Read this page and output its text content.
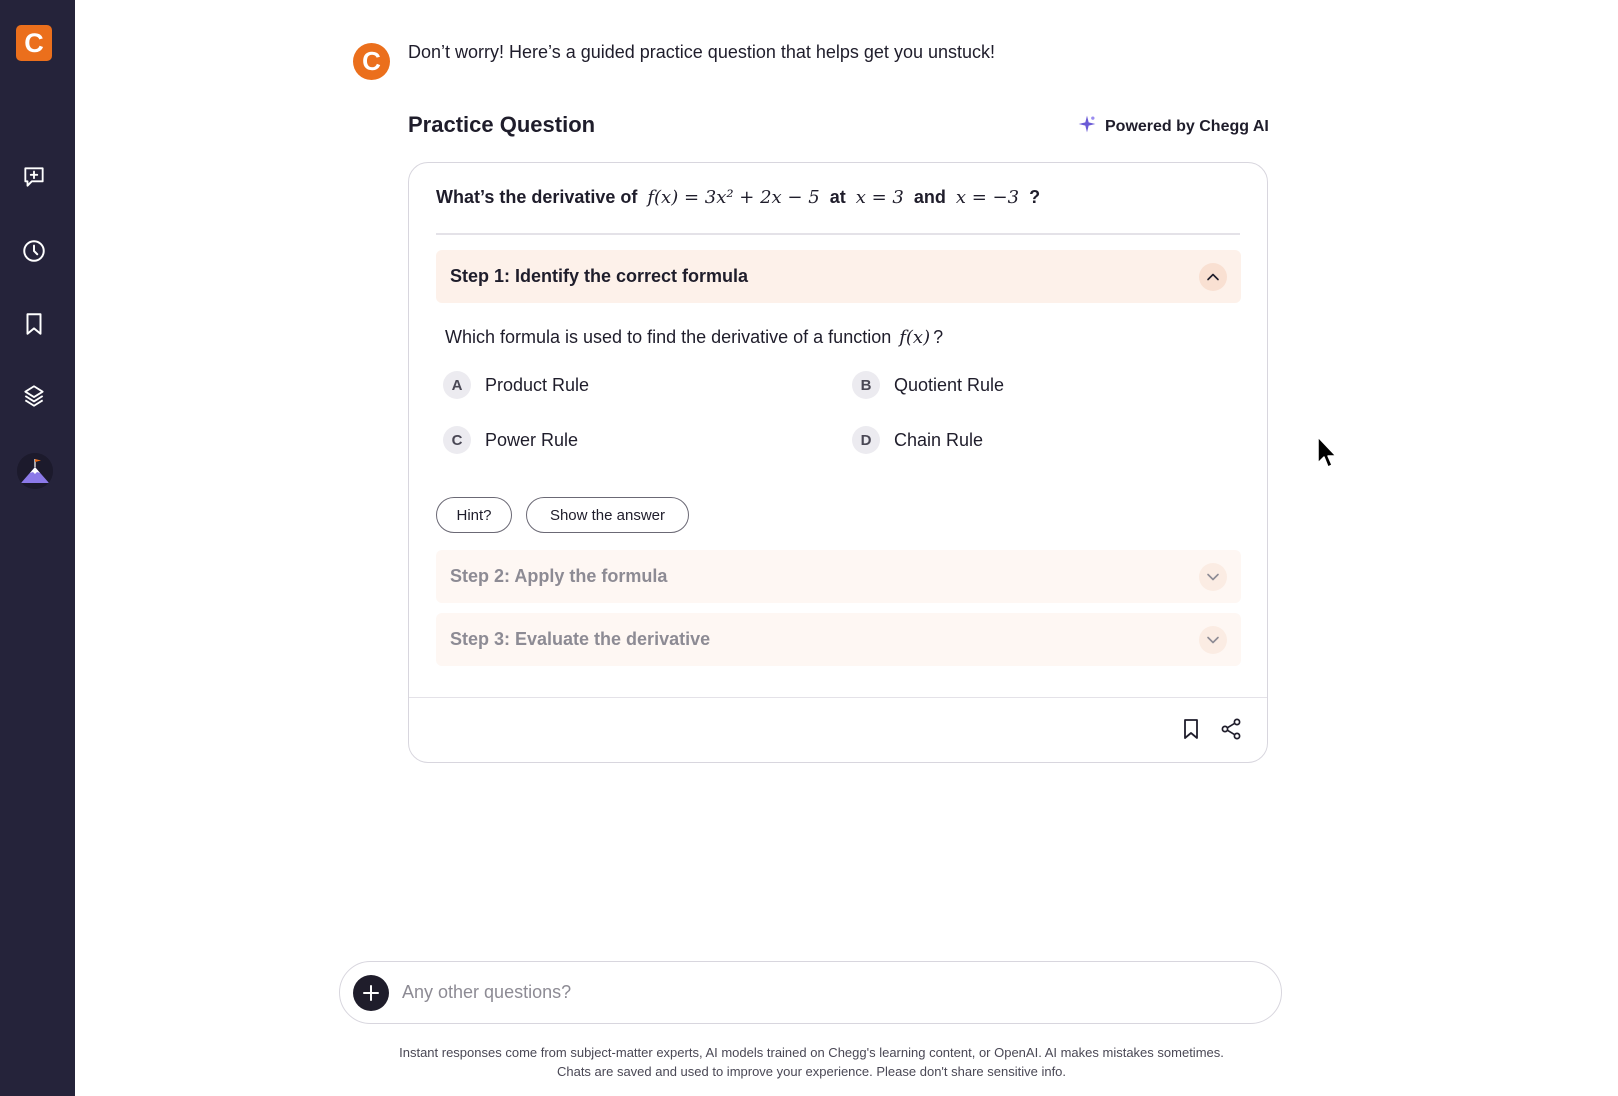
C
C	Don’t worry! Here’s a guided practice question that helps get you unstuck!
Practice Question	Powered by Chegg AI
What’s the derivative of f(x) = 3x² + 2x − 5 at x = 3 and x = −3 ?
Step 1: Identify the correct formula
Which formula is used to find the derivative of a function f(x) ?
A	Product Rule	B	Quotient Rule
C	Power Rule	D	Chain Rule
Hint?	Show the answer
Step 2: Apply the formula
Step 3: Evaluate the derivative
Any other questions?
Instant responses come from subject-matter experts, AI models trained on Chegg's learning content, or OpenAI. AI makes mistakes sometimes.
Chats are saved and used to improve your experience. Please don't share sensitive info.
